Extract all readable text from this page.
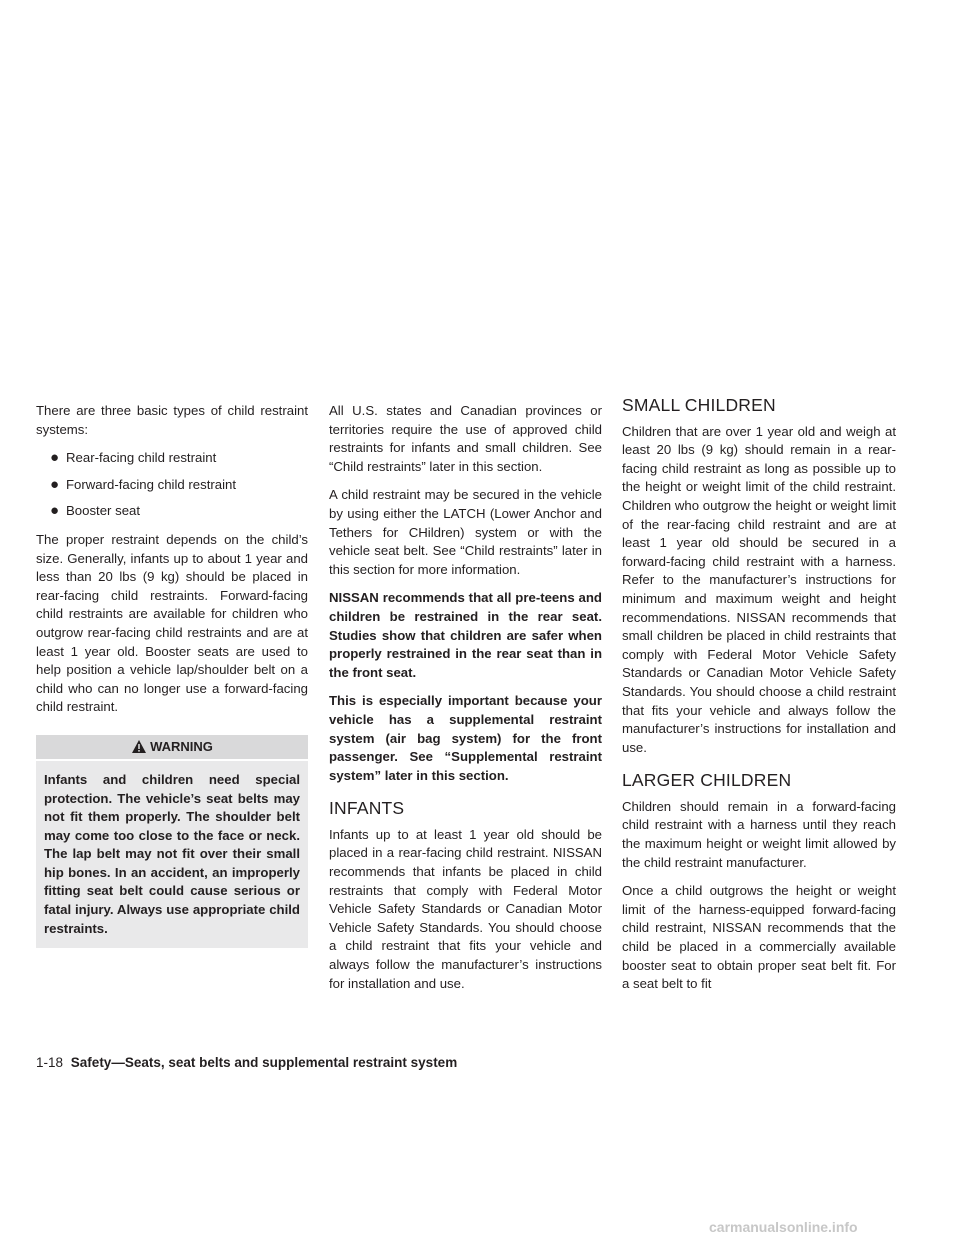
There are three basic types of child restraint systems:

● Rear-facing child restraint
● Forward-facing child restraint
● Booster seat

The proper restraint depends on the child’s size. Generally, infants up to about 1 year and less than 20 lbs (9 kg) should be placed in rear-facing child restraints. Forward-facing child restraints are available for children who outgrow rear-facing child restraints and are at least 1 year old. Booster seats are used to help position a vehicle lap/shoulder belt on a child who can no longer use a forward-facing child restraint.

WARNING
Infants and children need special protection. The vehicle’s seat belts may not fit them properly. The shoulder belt may come too close to the face or neck. The lap belt may not fit over their small hip bones. In an accident, an improperly fitting seat belt could cause serious or fatal injury. Always use appropriate child restraints.

All U.S. states and Canadian provinces or territories require the use of approved child restraints for infants and small children. See “Child restraints” later in this section.

A child restraint may be secured in the vehicle by using either the LATCH (Lower Anchor and Tethers for CHildren) system or with the vehicle seat belt. See “Child restraints” later in this section for more information.

NISSAN recommends that all pre-teens and children be restrained in the rear seat. Studies show that children are safer when properly restrained in the rear seat than in the front seat.

This is especially important because your vehicle has a supplemental restraint system (air bag system) for the front passenger. See “Supplemental restraint system” later in this section.

INFANTS

Infants up to at least 1 year old should be placed in a rear-facing child restraint. NISSAN recommends that infants be placed in child restraints that comply with Federal Motor Vehicle Safety Standards or Canadian Motor Vehicle Safety Standards. You should choose a child restraint that fits your vehicle and always follow the manufacturer’s instructions for installation and use.

SMALL CHILDREN

Children that are over 1 year old and weigh at least 20 lbs (9 kg) should remain in a rear-facing child restraint as long as possible up to the height or weight limit of the child restraint. Children who outgrow the height or weight limit of the rear-facing child restraint and are at least 1 year old should be secured in a forward-facing child restraint with a harness. Refer to the manufacturer’s instructions for minimum and maximum weight and height recommendations. NISSAN recommends that small children be placed in child restraints that comply with Federal Motor Vehicle Safety Standards or Canadian Motor Vehicle Safety Standards. You should choose a child restraint that fits your vehicle and always follow the manufacturer’s instructions for installation and use.

LARGER CHILDREN

Children should remain in a forward-facing child restraint with a harness until they reach the maximum height or weight limit allowed by the child restraint manufacturer.

Once a child outgrows the height or weight limit of the harness-equipped forward-facing child restraint, NISSAN recommends that the child be placed in a commercially available booster seat to obtain proper seat belt fit. For a seat belt to fit

1-18 Safety—Seats, seat belts and supplemental restraint system
carmanualsonline.info
